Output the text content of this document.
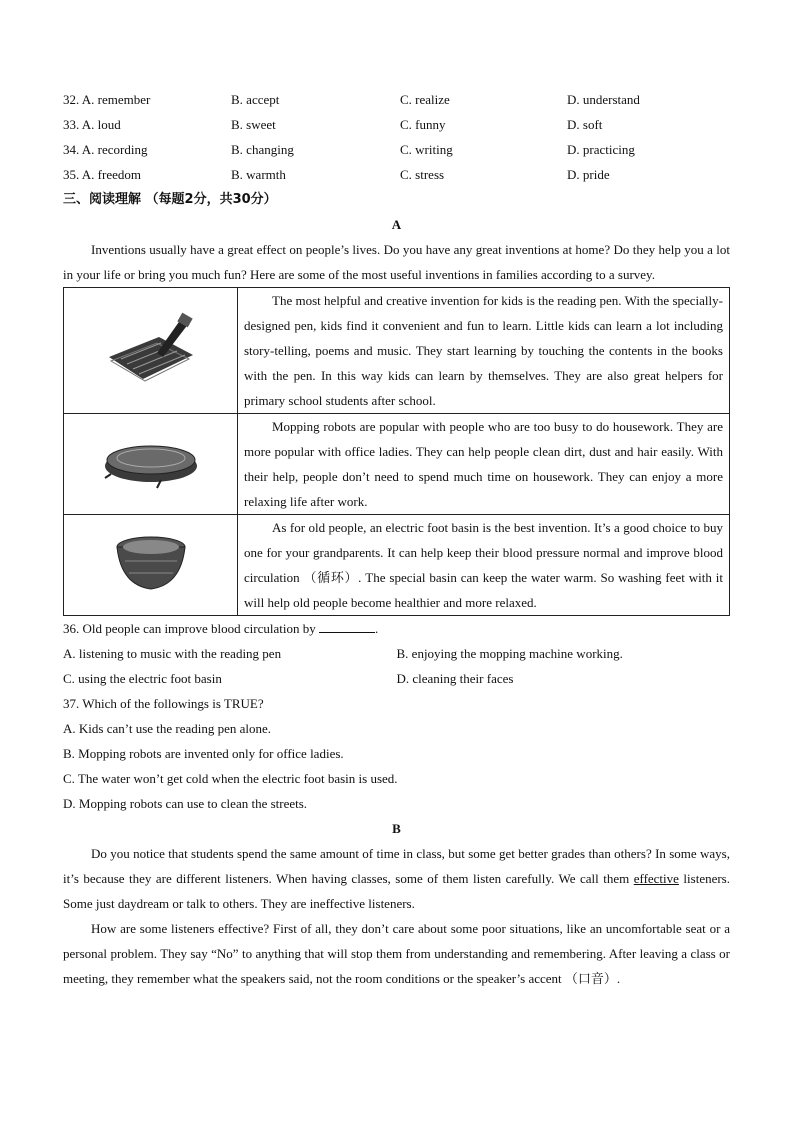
32. A. remember	B. accept	C. realize	D. understand
33. A. loud	B. sweet	C. funny	D. soft
34. A. recording	B. changing	C. writing	D. practicing
35. A. freedom	B. warmth	C. stress	D. pride
三、阅读理解 （每题2分，共30分）
A
Inventions usually have a great effect on people’s lives. Do you have any great inventions at home? Do they help you a lot in your life or bring you much fun? Here are some of the most useful inventions in families according to a survey.

The most helpful and creative invention for kids is the reading pen. With the specially- designed pen, kids find it convenient and fun to learn. Little kids can learn a lot including story-telling, poems and music. They start learning by touching the contents in the books with the pen. In this way kids can learn by themselves. They are also great helpers for primary school students after school.

Mopping robots are popular with people who are too busy to do housework. They are more popular with office ladies. They can help people clean dirt, dust and hair easily. With their help, people don’t need to spend much time on housework. They can enjoy a more relaxing life after work.

As for old people, an electric foot basin is the best invention. It’s a good choice to buy one for your grandparents. It can help keep their blood pressure normal and improve blood circulation （循环）. The special basin can keep the water warm. So washing feet with it will help old people become healthier and more relaxed.

36. Old people can improve blood circulation by	.
A. listening to music with the reading pen	B. enjoying the mopping machine working.
C. using the electric foot basin	D. cleaning their faces
37. Which of the followings is TRUE?
A. Kids can’t use the reading pen alone.
B. Mopping robots are invented only for office ladies.
C. The water won’t get cold when the electric foot basin is used.
D. Mopping robots can use to clean the streets.
B
Do you notice that students spend the same amount of time in class, but some get better grades than others? In some ways, it’s because they are different listeners. When having classes, some of them listen carefully. We call them effective listeners. Some just daydream or talk to others. They are ineffective listeners.
How are some listeners effective? First of all, they don’t care about some poor situations, like an uncomfortable seat or a personal problem. They say “No” to anything that will stop them from understanding and remembering. After leaving a class or meeting, they remember what the speakers said, not the room conditions or the speaker’s accent （口音）.
